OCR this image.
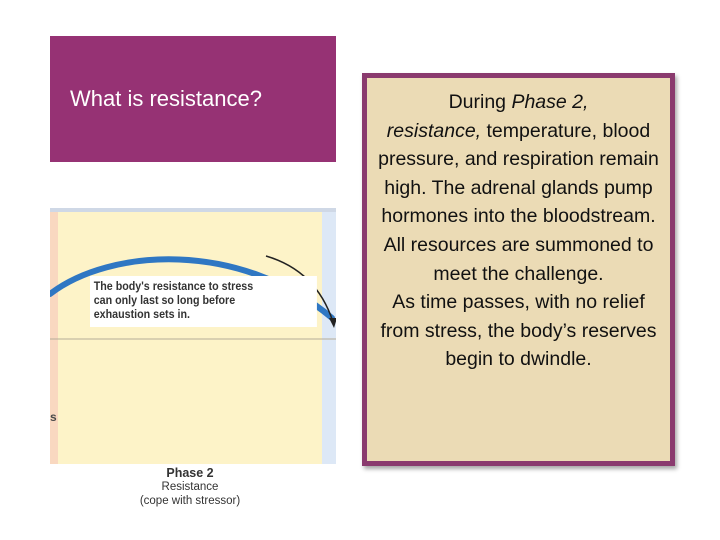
What is resistance?
The body's resistance to stress
can only last so long before
exhaustion sets in.
s
Phase 2
Resistance
(cope with stressor)

During Phase 2,
resistance, temperature, blood pressure, and respiration remain high. The adrenal glands pump hormones into the bloodstream. All resources are summoned to meet the challenge.

As time passes, with no relief from stress, the body’s reserves begin to dwindle.
